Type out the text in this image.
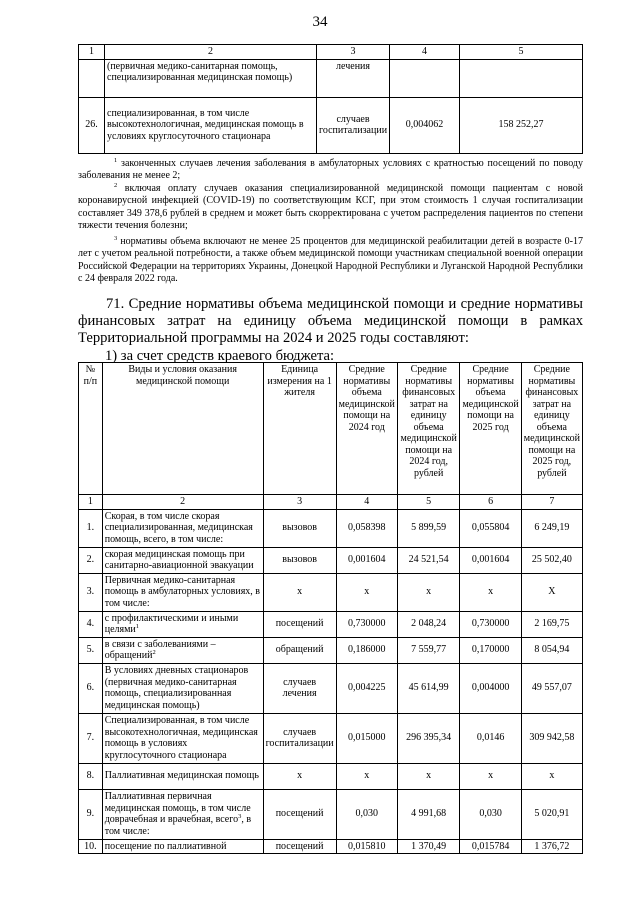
34
1	2	3	4	5
	(первичная медико-санитарная помощь, специализированная медицинская помощь)	лечения		
26.	специализированная, в том числе высокотехнологичная, медицинская помощь в условиях круглосуточного стационара	случаев госпитализации	0,004062	158 252,27
$^1$ законченных случаев лечения заболевания в амбулаторных условиях с кратностью посещений по поводу заболевания не менее 2;
$^2$ включая оплату случаев оказания специализированной медицинской помощи пациентам с новой коронавирусной инфекцией (COVID-19) по соответствующим КСГ, при этом стоимость 1 случая госпитализации составляет 349 378,6 рублей в среднем и может быть скорректирована с учетом распределения пациентов по степени тяжести течения болезни;
$^3$ нормативы объема включают не менее 25 процентов для медицинской реабилитации детей в возрасте 0-17 лет с учетом реальной потребности, а также объем медицинской помощи участникам специальной военной операции Российской Федерации на территориях Украины, Донецкой Народной Республики и Луганской Народной Республики с 24 февраля 2022 года.
71. Средние нормативы объема медицинской помощи и средние нормативы финансовых затрат на единицу объема медицинской помощи в рамках Территориальной программы на 2024 и 2025 годы составляют:
1) за счет средств краевого бюджета:
№ п/п	Виды и условия оказания медицинской помощи	Единица измерения на 1 жителя	Средние нормативы объема медицинской помощи на 2024 год	Средние нормативы финансовых затрат на единицу объема медицинской помощи на 2024 год, рублей	Средние нормативы объема медицинской помощи на 2025 год	Средние нормативы финансовых затрат на единицу объема медицинской помощи на 2025 год, рублей
1	2	3	4	5	6	7
1.	Скорая, в том числе скорая специализированная, медицинская помощь, всего, в том числе:	вызовов	0,058398	5 899,59	0,055804	6 249,19
2.	скорая медицинская помощь при санитарно-авиационной эвакуации	вызовов	0,001604	24 521,54	0,001604	25 502,40
3.	Первичная медико-санитарная помощь в амбулаторных условиях, в том числе:	х	х	х	х	Х
4.	с профилактическими и иными целями$^1$	посещений	0,730000	2 048,24	0,730000	2 169,75
5.	в связи с заболеваниями – обращений$^2$	обращений	0,186000	7 559,77	0,170000	8 054,94
6.	В условиях дневных стационаров (первичная медико-санитарная помощь, специализированная медицинская помощь)	случаев лечения	0,004225	45 614,99	0,004000	49 557,07
7.	Специализированная, в том числе высокотехнологичная, медицинская помощь в условиях круглосуточного стационара	случаев госпитализации	0,015000	296 395,34	0,0146	309 942,58
8.	Паллиативная медицинская помощь	х	х	х	х	х
9.	Паллиативная первичная медицинская помощь, в том числе доврачебная и врачебная, всего$^3$, в том числе:	посещений	0,030	4 991,68	0,030	5 020,91
10.	посещение по паллиативной	посещений	0,015810	1 370,49	0,015784	1 376,72
